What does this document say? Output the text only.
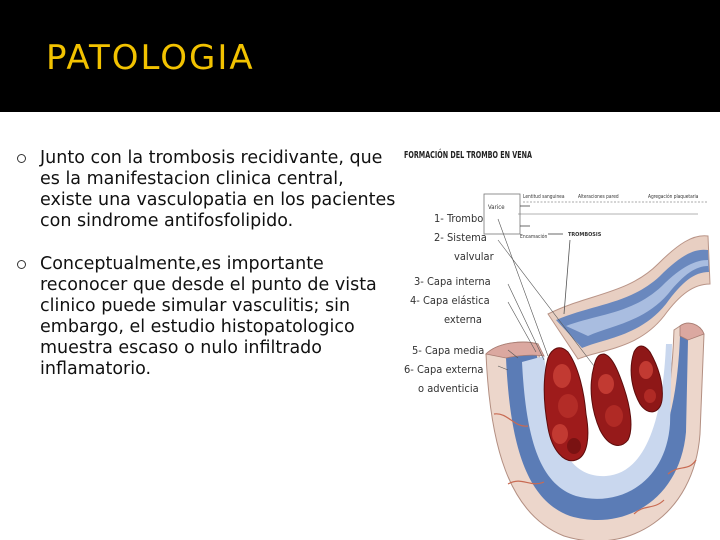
PATOLOGIA
Junto con la trombosis recidivante, que es la manifestacion clinica central, existe una vasculopatia en los pacientes con sindrome antifosfolipido.
Conceptualmente,es importante reconocer que desde el punto de vista clinico puede simular vasculitis; sin embargo, el estudio histopatologico muestra escaso o nulo infiltrado inflamatorio.
FORMACIÓN DEL TROMBO EN VENA
Varice
Lentitud sanguinea	Alteraciones pared	Agregación plaquetaria
Encamación	TROMBOSIS
1- Trombo
2- Sistema
valvular
3- Capa interna
4- Capa elástica
externa
5- Capa media
6- Capa externa
o adventicia
